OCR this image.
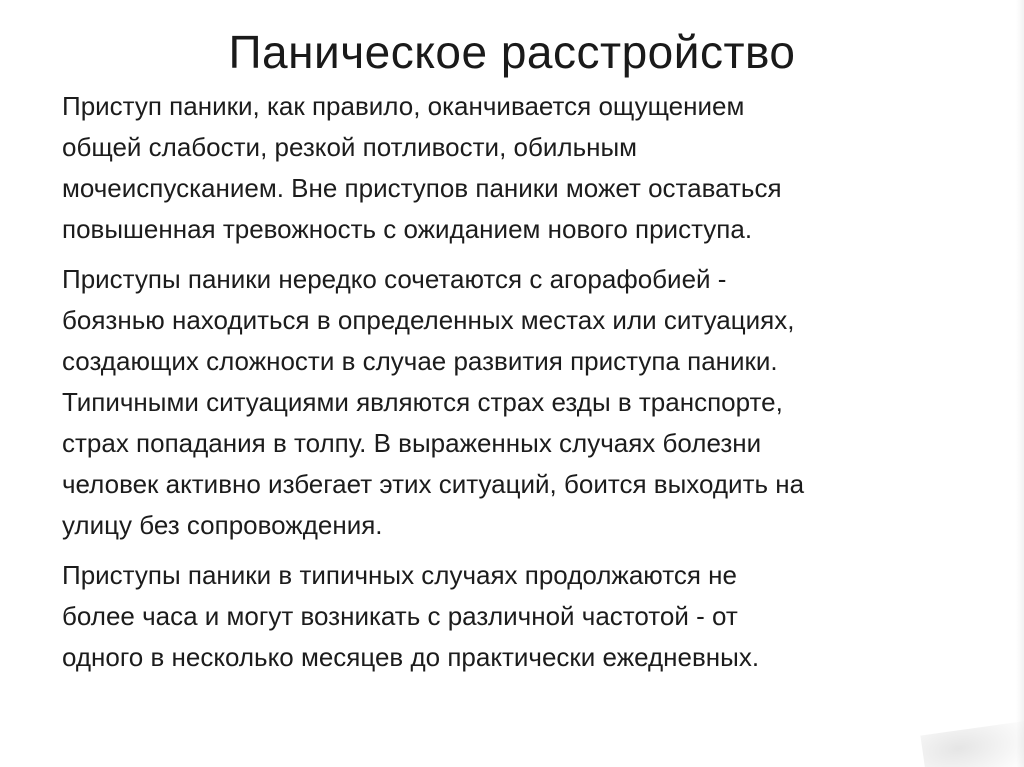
Паническое расстройство

Приступ паники, как правило, оканчивается ощущением
общей слабости, резкой потливости, обильным
мочеиспусканием. Вне приступов паники может оставаться
повышенная тревожность с ожиданием нового приступа.

Приступы паники нередко сочетаются с агорафобией -
боязнью находиться в определенных местах или ситуациях,
создающих сложности в случае развития приступа паники.
Типичными ситуациями являются страх езды в транспорте,
страх попадания в толпу. В выраженных случаях болезни
человек активно избегает этих ситуаций, боится выходить на
улицу без сопровождения.

Приступы паники в типичных случаях продолжаются не
более часа и могут возникать с различной частотой - от
одного в несколько месяцев до практически ежедневных.
